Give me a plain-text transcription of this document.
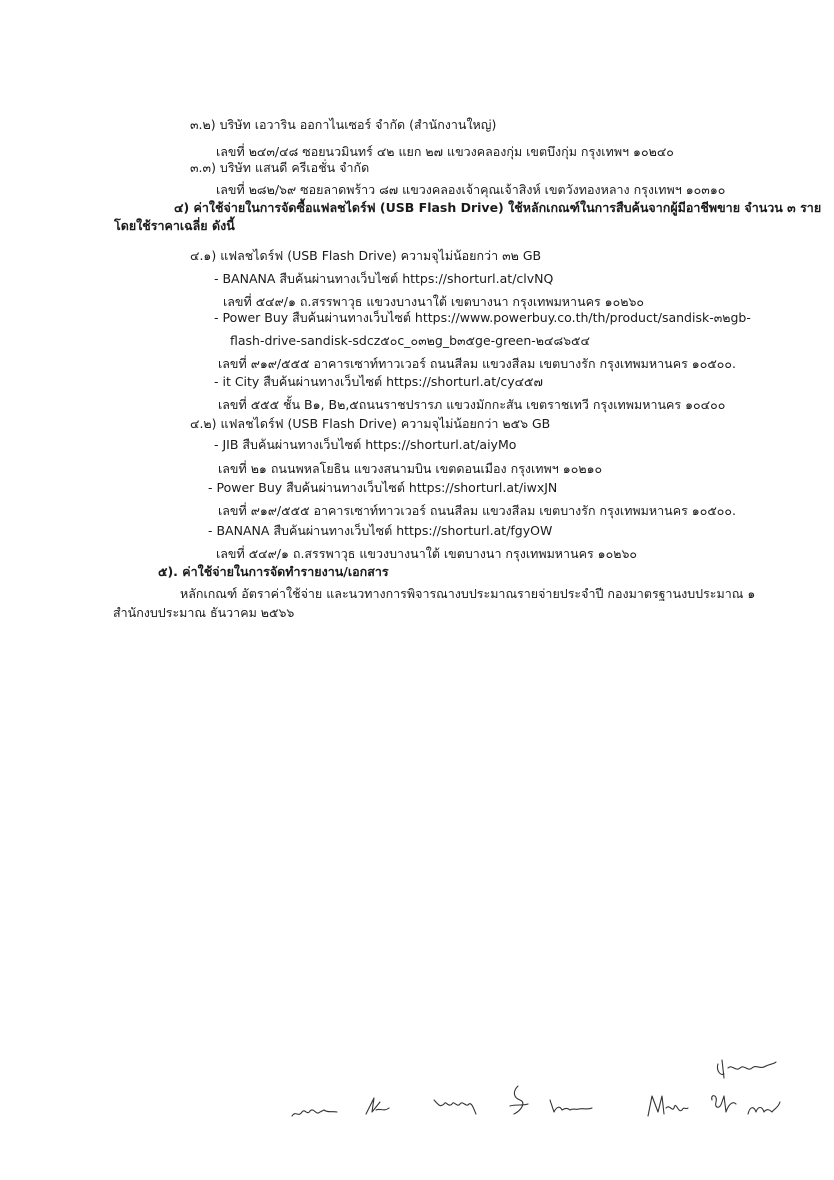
๓.๒) บริษัท เอวาริน ออกาไนเซอร์ จำกัด (สำนักงานใหญ่)
เลขที่ ๒๔๓/๔๘ ซอยนวมินทร์ ๔๒ แยก ๒๗ แขวงคลองกุ่ม เขตบึงกุ่ม กรุงเทพฯ ๑๐๒๔๐
๓.๓) บริษัท แสนดี ครีเอชั่น จำกัด
เลขที่ ๒๘๒/๖๙ ซอยลาดพร้าว ๘๗ แขวงคลองเจ้าคุณเจ้าสิงห์ เขตวังทองหลาง กรุงเทพฯ ๑๐๓๑๐
๔) ค่าใช้จ่ายในการจัดซื้อแฟลชไดร์ฟ (USB Flash Drive) ใช้หลักเกณฑ์ในการสืบค้นจากผู้มีอาชีพขาย จำนวน ๓ ราย
โดยใช้ราคาเฉลี่ย ดังนี้
๔.๑) แฟลชไดร์ฟ (USB Flash Drive) ความจุไม่น้อยกว่า ๓๒ GB
- BANANA สืบค้นผ่านทางเว็บไซต์ https://shorturl.at/clvNQ
เลขที่ ๕๔๙/๑ ถ.สรรพาวุธ แขวงบางนาใต้ เขตบางนา กรุงเทพมหานคร ๑๐๒๖๐
- Power Buy สืบค้นผ่านทางเว็บไซต์ https://www.powerbuy.co.th/th/product/sandisk-๓๒gb-
flash-drive-sandisk-sdcz๕๐c_๐๓๒g_b๓๕ge-green-๒๔๘๖๕๔
เลขที่ ๙๑๙/๕๕๕ อาคารเซาท์ทาวเวอร์ ถนนสีลม แขวงสีลม เขตบางรัก กรุงเทพมหานคร ๑๐๕๐๐.
- it City สืบค้นผ่านทางเว็บไซต์ https://shorturl.at/cy๔๕๗
เลขที่ ๕๕๕ ชั้น B๑, B๒,๕ถนนราชปรารภ แขวงมักกะสัน เขตราชเทวี กรุงเทพมหานคร ๑๐๔๐๐
๔.๒) แฟลชไดร์ฟ (USB Flash Drive) ความจุไม่น้อยกว่า ๒๕๖ GB
- JIB สืบค้นผ่านทางเว็บไซต์ https://shorturl.at/aiyMo
เลขที่ ๒๑ ถนนพหลโยธิน แขวงสนามบิน เขตดอนเมือง กรุงเทพฯ ๑๐๒๑๐
- Power Buy สืบค้นผ่านทางเว็บไซต์ https://shorturl.at/iwxJN
เลขที่ ๙๑๙/๕๕๕ อาคารเซาท์ทาวเวอร์ ถนนสีลม แขวงสีลม เขตบางรัก กรุงเทพมหานคร ๑๐๕๐๐.
- BANANA สืบค้นผ่านทางเว็บไซต์ https://shorturl.at/fgyOW
เลขที่ ๕๔๙/๑ ถ.สรรพาวุธ แขวงบางนาใต้ เขตบางนา กรุงเทพมหานคร ๑๐๒๖๐
๕). ค่าใช้จ่ายในการจัดทำรายงาน/เอกสาร
หลักเกณฑ์ อัตราค่าใช้จ่าย และนวทางการพิจารณางบประมาณรายจ่ายประจำปี กองมาตรฐานงบประมาณ ๑
สำนักงบประมาณ ธันวาคม ๒๕๖๖
